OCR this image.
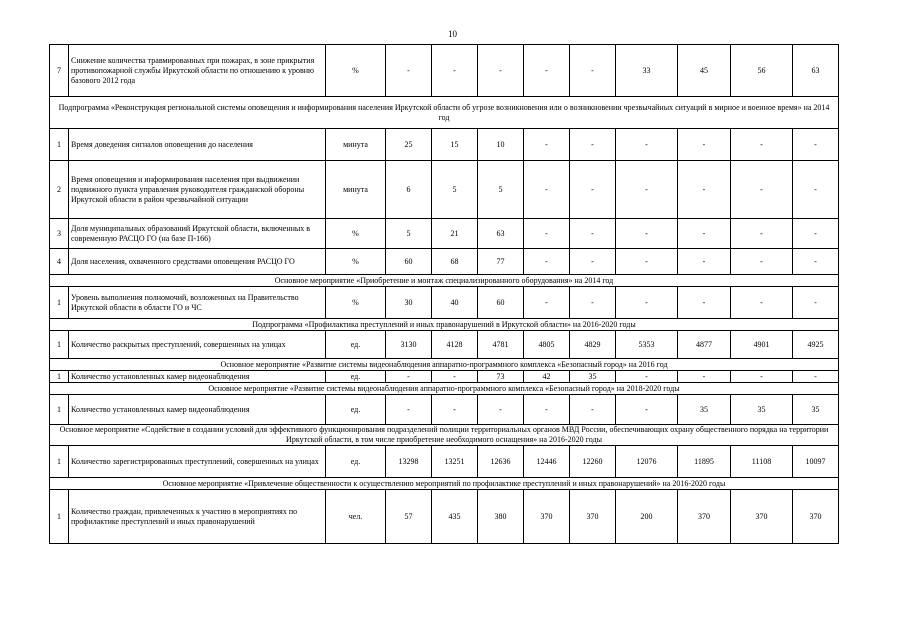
10
7	Снижение количества травмированных при пожарах, в зоне прикрытия противопожарной службы Иркутской области по отношению к уровню базового 2012 года	%	-	-	-	-	-	33	45	56	63
Подпрограмма «Реконструкция региональной системы оповещения и информирования населения Иркутской области об угрозе возникновения или о возникновении чрезвычайных ситуаций в мирное и военное время» на 2014 год											
1	Время доведения сигналов оповещения до населения	минута	25	15	10	-	-	-	-	-	-
2	Время оповещения и информирования населения при выдвижении подвижного пункта управления руководителя гражданской обороны Иркутской области в район чрезвычайной ситуации	минута	6	5	5	-	-	-	-	-	-
3	Доля муниципальных образований Иркутской области, включенных в современную РАСЦО ГО (на базе П-166)	%	5	21	63	-	-	-	-	-	-
4	Доля населения, охваченного средствами оповещения РАСЦО ГО	%	60	68	77	-	-	-	-	-	-
Основное мероприятие «Приобретение и монтаж специализированного оборудования» на 2014 год											
1	Уровень выполнения полномочий, возложенных на Правительство Иркутской области в области ГО и ЧС	%	30	40	60	-	-	-	-	-	-
Подпрограмма «Профилактика преступлений и иных правонарушений в Иркутской области» на 2016-2020 годы											
1	Количество раскрытых преступлений, совершенных на улицах	ед.	3130	4128	4781	4805	4829	5353	4877	4901	4925
Основное мероприятие «Развитие системы видеонаблюдения аппаратно-программного комплекса «Безопасный город» на 2016 год											
1	Количество установленных камер видеонаблюдения	ед.	-	-	73	42	35	-	-	-	-
Основное мероприятие «Развитие системы видеонаблюдения аппаратно-программного комплекса «Безопасный город» на 2018-2020 годы											
1	Количество установленных камер видеонаблюдения	ед.	-	-	-	-	-	-	35	35	35
Основное мероприятие «Содействие в создании условий для эффективного функционирования подразделений полиции территориальных органов МВД России, обеспечивающих охрану общественного порядка на территории Иркутской области, в том числе приобретение необходимого оснащения» на 2016-2020 годы											
1	Количество зарегистрированных преступлений, совершенных на улицах	ед.	13298	13251	12636	12446	12260	12076	11895	11108	10097
Основное мероприятие «Привлечение общественности к осуществлению мероприятий по профилактике преступлений и иных правонарушений» на 2016-2020 годы											
1	Количество граждан, привлеченных к участию в мероприятиях по профилактике преступлений и иных правонарушений	чел.	57	435	380	370	370	200	370	370	370
